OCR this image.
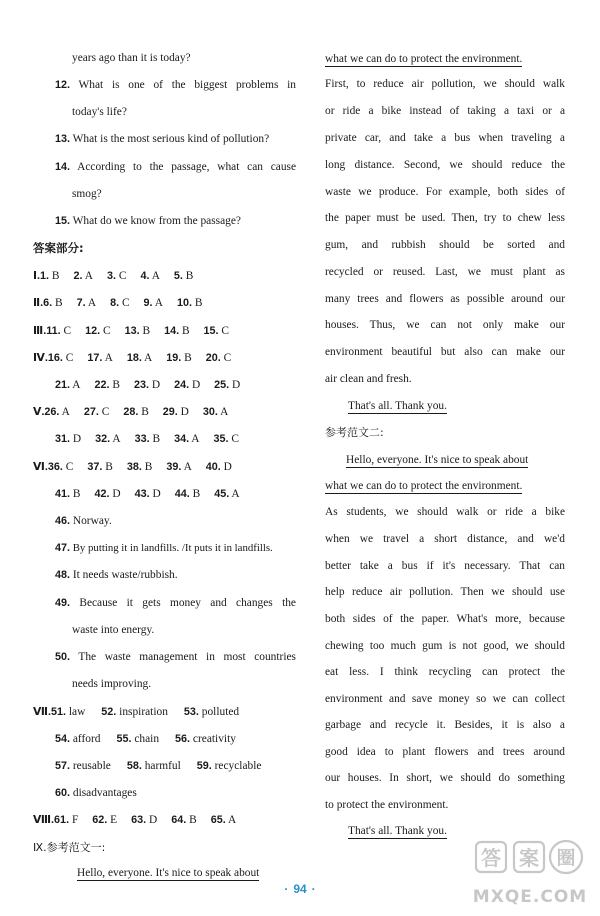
years ago than it is today?
12. What is one of the biggest problems in
today's life?
13. What is the most serious kind of pollution?
14. According to the passage, what can cause
smog?
15. What do we know from the passage?
答案部分:
Ⅰ.1. B 2. A 3. C 4. A 5. B
Ⅱ.6. B 7. A 8. C 9. A 10. B
Ⅲ.11. C 12. C 13. B 14. B 15. C
Ⅳ.16. C 17. A 18. A 19. B 20. C
21. A 22. B 23. D 24. D 25. D
Ⅴ.26. A 27. C 28. B 29. D 30. A
31. D 32. A 33. B 34. A 35. C
Ⅵ.36. C 37. B 38. B 39. A 40. D
41. B 42. D 43. D 44. B 45. A
46. Norway.
47. By putting it in landfills. /It puts it in landfills.
48. It needs waste/rubbish.
49. Because it gets money and changes the
waste into energy.
50. The waste management in most countries
needs improving.
Ⅶ.51. law 52. inspiration 53. polluted
54. afford 55. chain 56. creativity
57. reusable 58. harmful 59. recyclable
60. disadvantages
Ⅷ.61. F 62. E 63. D 64. B 65. A
Ⅸ.参考范文一:
Hello, everyone. It's nice to speak about
what we can do to protect the environment.
First, to reduce air pollution, we should walk
or ride a bike instead of taking a taxi or a
private car, and take a bus when traveling a
long distance. Second, we should reduce the
waste we produce. For example, both sides of
the paper must be used. Then, try to chew less
gum, and rubbish should be sorted and
recycled or reused. Last, we must plant as
many trees and flowers as possible around our
houses. Thus, we can not only make our
environment beautiful but also can make our
air clean and fresh.
That's all. Thank you.
参考范文二:
Hello, everyone. It's nice to speak about
what we can do to protect the environment.
As students, we should walk or ride a bike
when we travel a short distance, and we'd
better take a bus if it's necessary. That can
help reduce air pollution. Then we should use
both sides of the paper. What's more, because
chewing too much gum is not good, we should
eat less. I think recycling can protect the
environment and save money so we can collect
garbage and recycle it. Besides, it is also a
good idea to plant flowers and trees around
our houses. In short, we should do something
to protect the environment.
That's all. Thank you.
· 94 ·
答 案 圈
MXQE.COM
